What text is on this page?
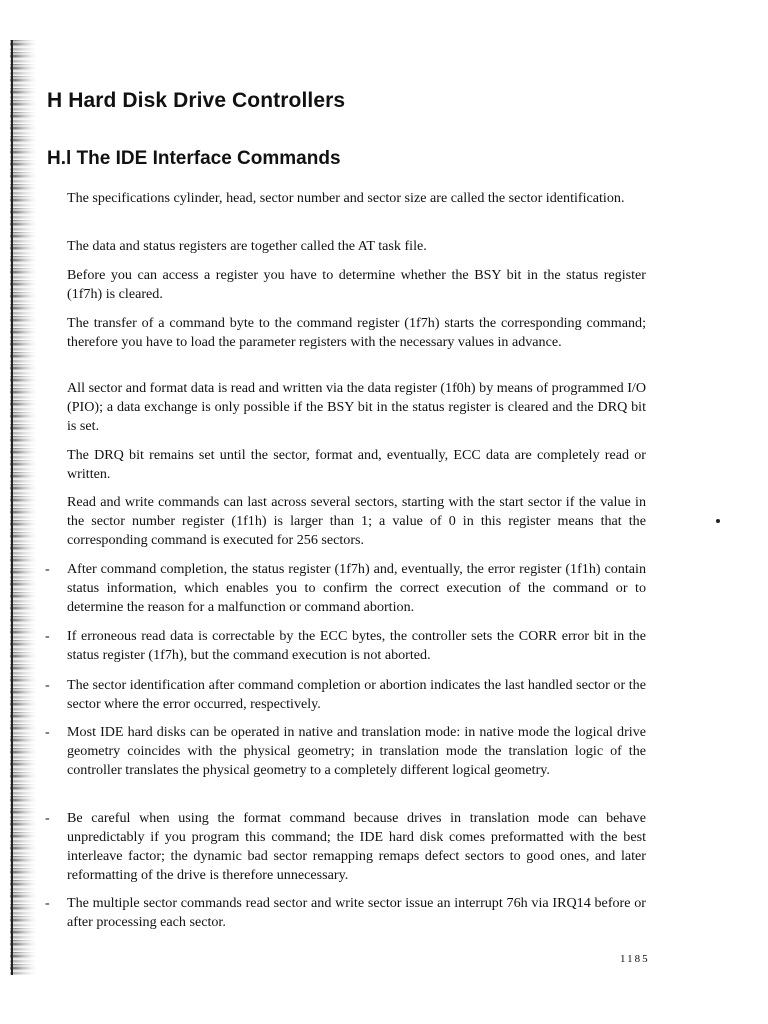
H Hard Disk Drive Controllers
H.l The IDE Interface Commands

The specifications cylinder, head, sector number and sector size are called the sector identification.

The data and status registers are together called the AT task file.

Before you can access a register you have to determine whether the BSY bit in the status register (1f7h) is cleared.

The transfer of a command byte to the command register (1f7h) starts the corresponding command; therefore you have to load the parameter registers with the necessary values in advance.

All sector and format data is read and written via the data register (1f0h) by means of programmed I/O (PIO); a data exchange is only possible if the BSY bit in the status register is cleared and the DRQ bit is set.

The DRQ bit remains set until the sector, format and, eventually, ECC data are completely read or written.

Read and write commands can last across several sectors, starting with the start sector if the value in the sector number register (1f1h) is larger than 1; a value of 0 in this register means that the corresponding command is executed for 256 sectors.

- After command completion, the status register (1f7h) and, eventually, the error register (1f1h) contain status information, which enables you to confirm the correct execution of the command or to determine the reason for a malfunction or command abortion.

- If erroneous read data is correctable by the ECC bytes, the controller sets the CORR error bit in the status register (1f7h), but the command execution is not aborted.

- The sector identification after command completion or abortion indicates the last handled sector or the sector where the error occurred, respectively.

- Most IDE hard disks can be operated in native and translation mode: in native mode the logical drive geometry coincides with the physical geometry; in translation mode the translation logic of the controller translates the physical geometry to a completely different logical geometry.

- Be careful when using the format command because drives in translation mode can behave unpredictably if you program this command; the IDE hard disk comes preformatted with the best interleave factor; the dynamic bad sector remapping remaps defect sectors to good ones, and later reformatting of the drive is therefore unnecessary.

- The multiple sector commands read sector and write sector issue an interrupt 76h via IRQ14 before or after processing each sector.

1185
